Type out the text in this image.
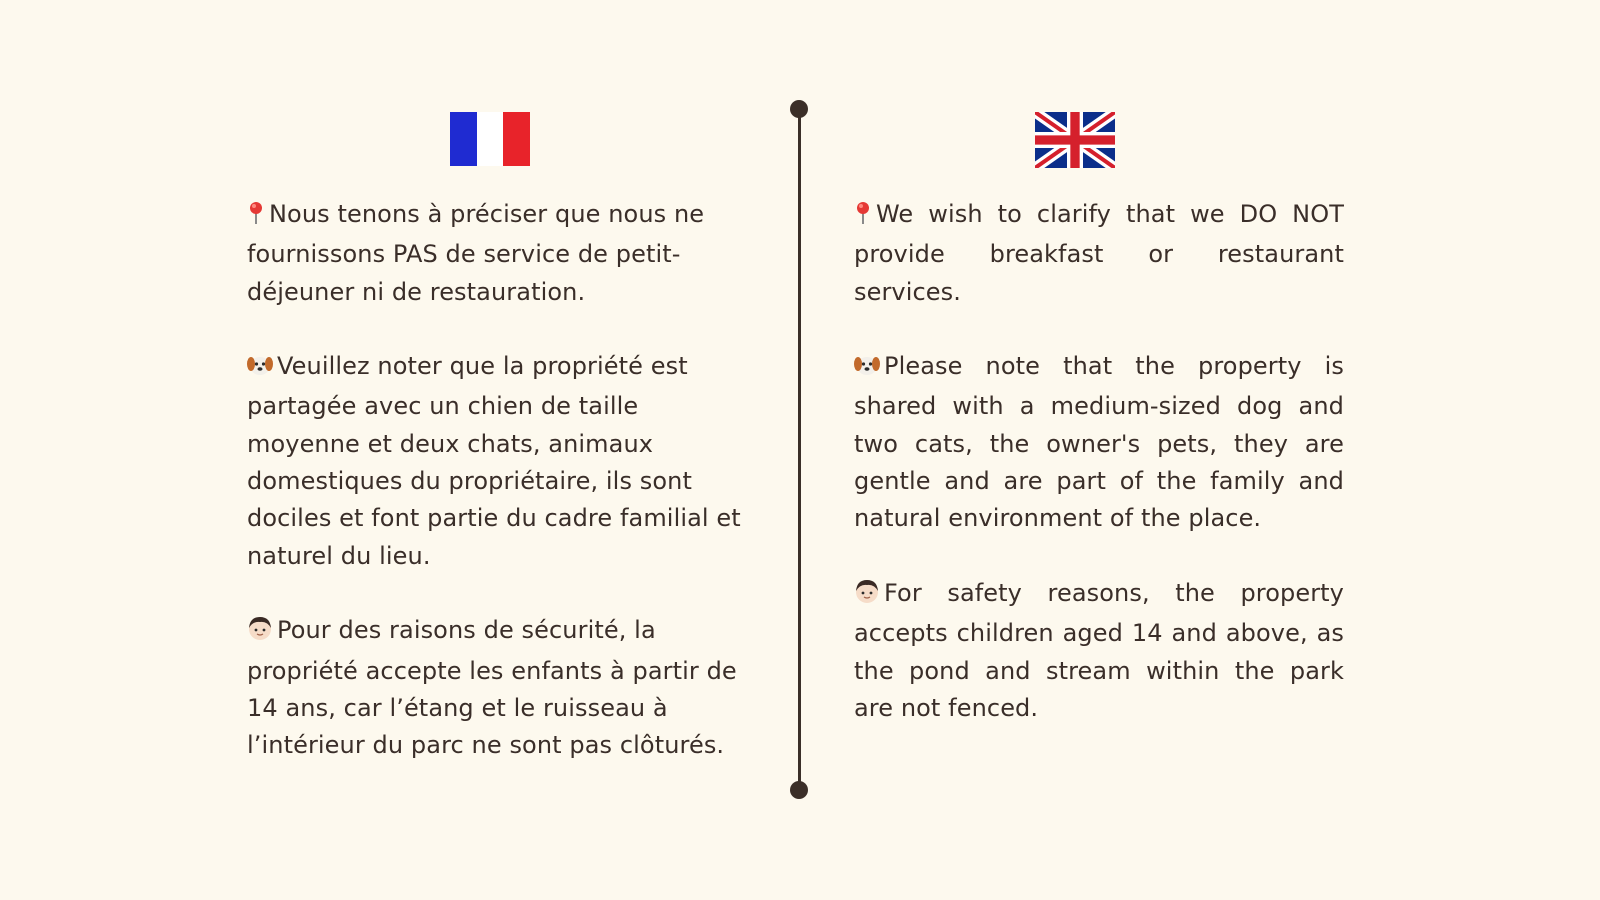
Nous tenons à préciser que nous ne fournissons PAS de service de petit-déjeuner ni de restauration.

Veuillez noter que la propriété est partagée avec un chien de taille moyenne et deux chats, animaux domestiques du propriétaire, ils sont dociles et font partie du cadre familial et naturel du lieu.

Pour des raisons de sécurité, la propriété accepte les enfants à partir de 14 ans, car l’étang et le ruisseau à l’intérieur du parc ne sont pas clôturés.

We wish to clarify that we DO NOT provide breakfast or restaurant services.

Please note that the property is shared with a medium-sized dog and two cats, the owner's pets, they are gentle and are part of the family and natural environment of the place.

For safety reasons, the property accepts children aged 14 and above, as the pond and stream within the park are not fenced.
